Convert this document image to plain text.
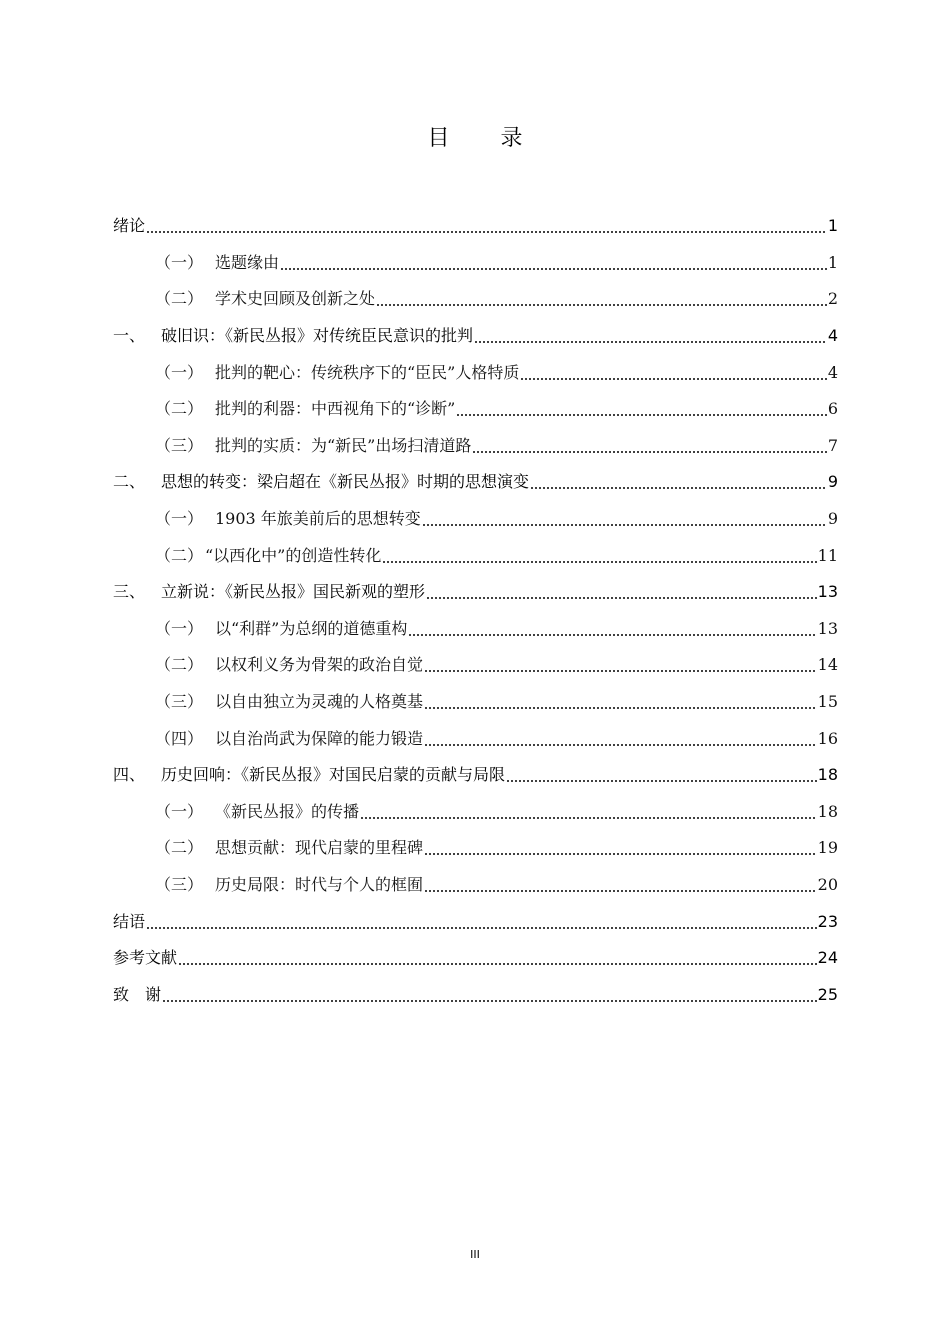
目 录
绪论	1
（一） 选题缘由	1
（二） 学术史回顾及创新之处	2
一、 破旧识：《新民丛报》对传统臣民意识的批判	4
（一） 批判的靶心：传统秩序下的“臣民”人格特质	4
（二） 批判的利器：中西视角下的“诊断”	6
（三） 批判的实质：为“新民”出场扫清道路	7
二、 思想的转变：梁启超在《新民丛报》时期的思想演变	9
（一） 1903 年旅美前后的思想转变	9
（二） “以西化中”的创造性转化	11
三、 立新说：《新民丛报》国民新观的塑形	13
（一） 以“利群”为总纲的道德重构	13
（二） 以权利义务为骨架的政治自觉	14
（三） 以自由独立为灵魂的人格奠基	15
（四） 以自治尚武为保障的能力锻造	16
四、 历史回响：《新民丛报》对国民启蒙的贡献与局限	18
（一） 《新民丛报》的传播	18
（二） 思想贡献：现代启蒙的里程碑	19
（三） 历史局限：时代与个人的框囿	20
结语	23
参考文献	24
致　谢	25
III
